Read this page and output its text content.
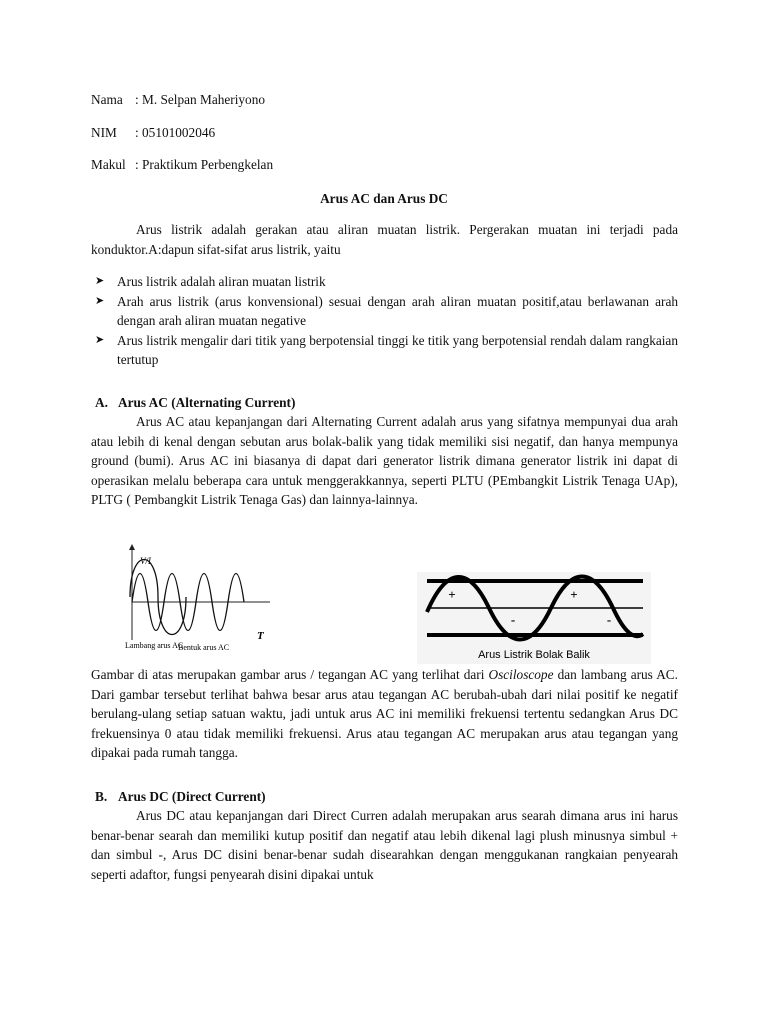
Nama : M. Selpan Maheriyono
NIM : 05101002046
Makul : Praktikum Perbengkelan
Arus AC dan Arus DC
Arus listrik adalah gerakan atau aliran muatan listrik. Pergerakan muatan ini terjadi pada konduktor.A:dapun sifat-sifat arus listrik, yaitu
➤ Arus listrik adalah aliran muatan listrik
➤ Arah arus listrik (arus konvensional) sesuai dengan arah aliran muatan positif,atau berlawanan arah dengan arah aliran muatan negative
➤ Arus listrik mengalir dari titik yang berpotensial tinggi ke titik yang berpotensial rendah dalam rangkaian tertutup
A. Arus AC (Alternating Current)
Arus AC atau kepanjangan dari Alternating Current adalah arus yang sifatnya mempunyai dua arah atau lebih di kenal dengan sebutan arus bolak-balik yang tidak memiliki sisi negatif, dan hanya mempunya ground (bumi). Arus AC ini biasanya di dapat dari generator listrik dimana generator listrik ini dapat di operasikan melalu beberapa cara untuk menggerakkannya, seperti PLTU (PEmbangkit Listrik Tenaga UAp), PLTG ( Pembangkit Listrik Tenaga Gas) dan lainnya-lainnya.
V/I
T
Bentuk arus AC
Lambang arus AC
+	+
-	-
Arus Listrik Bolak Balik
Gambar di atas merupakan gambar arus / tegangan AC yang terlihat dari Osciloscope dan lambang arus AC. Dari gambar tersebut terlihat bahwa besar arus atau tegangan AC berubah-ubah dari nilai positif ke negatif berulang-ulang setiap satuan waktu, jadi untuk arus AC ini memiliki frekuensi tertentu sedangkan Arus DC frekuensinya 0 atau tidak memiliki frekuensi. Arus atau tegangan AC merupakan arus atau tegangan yang dipakai pada rumah tangga.
B. Arus DC (Direct Current)
Arus DC atau kepanjangan dari Direct Curren adalah merupakan arus searah dimana arus ini harus benar-benar searah dan memiliki kutup positif dan negatif atau lebih dikenal lagi plush minusnya simbul + dan simbul -, Arus DC disini benar-benar sudah disearahkan dengan menggukanan rangkaian penyearah seperti adaftor, fungsi penyearah disini dipakai untuk
